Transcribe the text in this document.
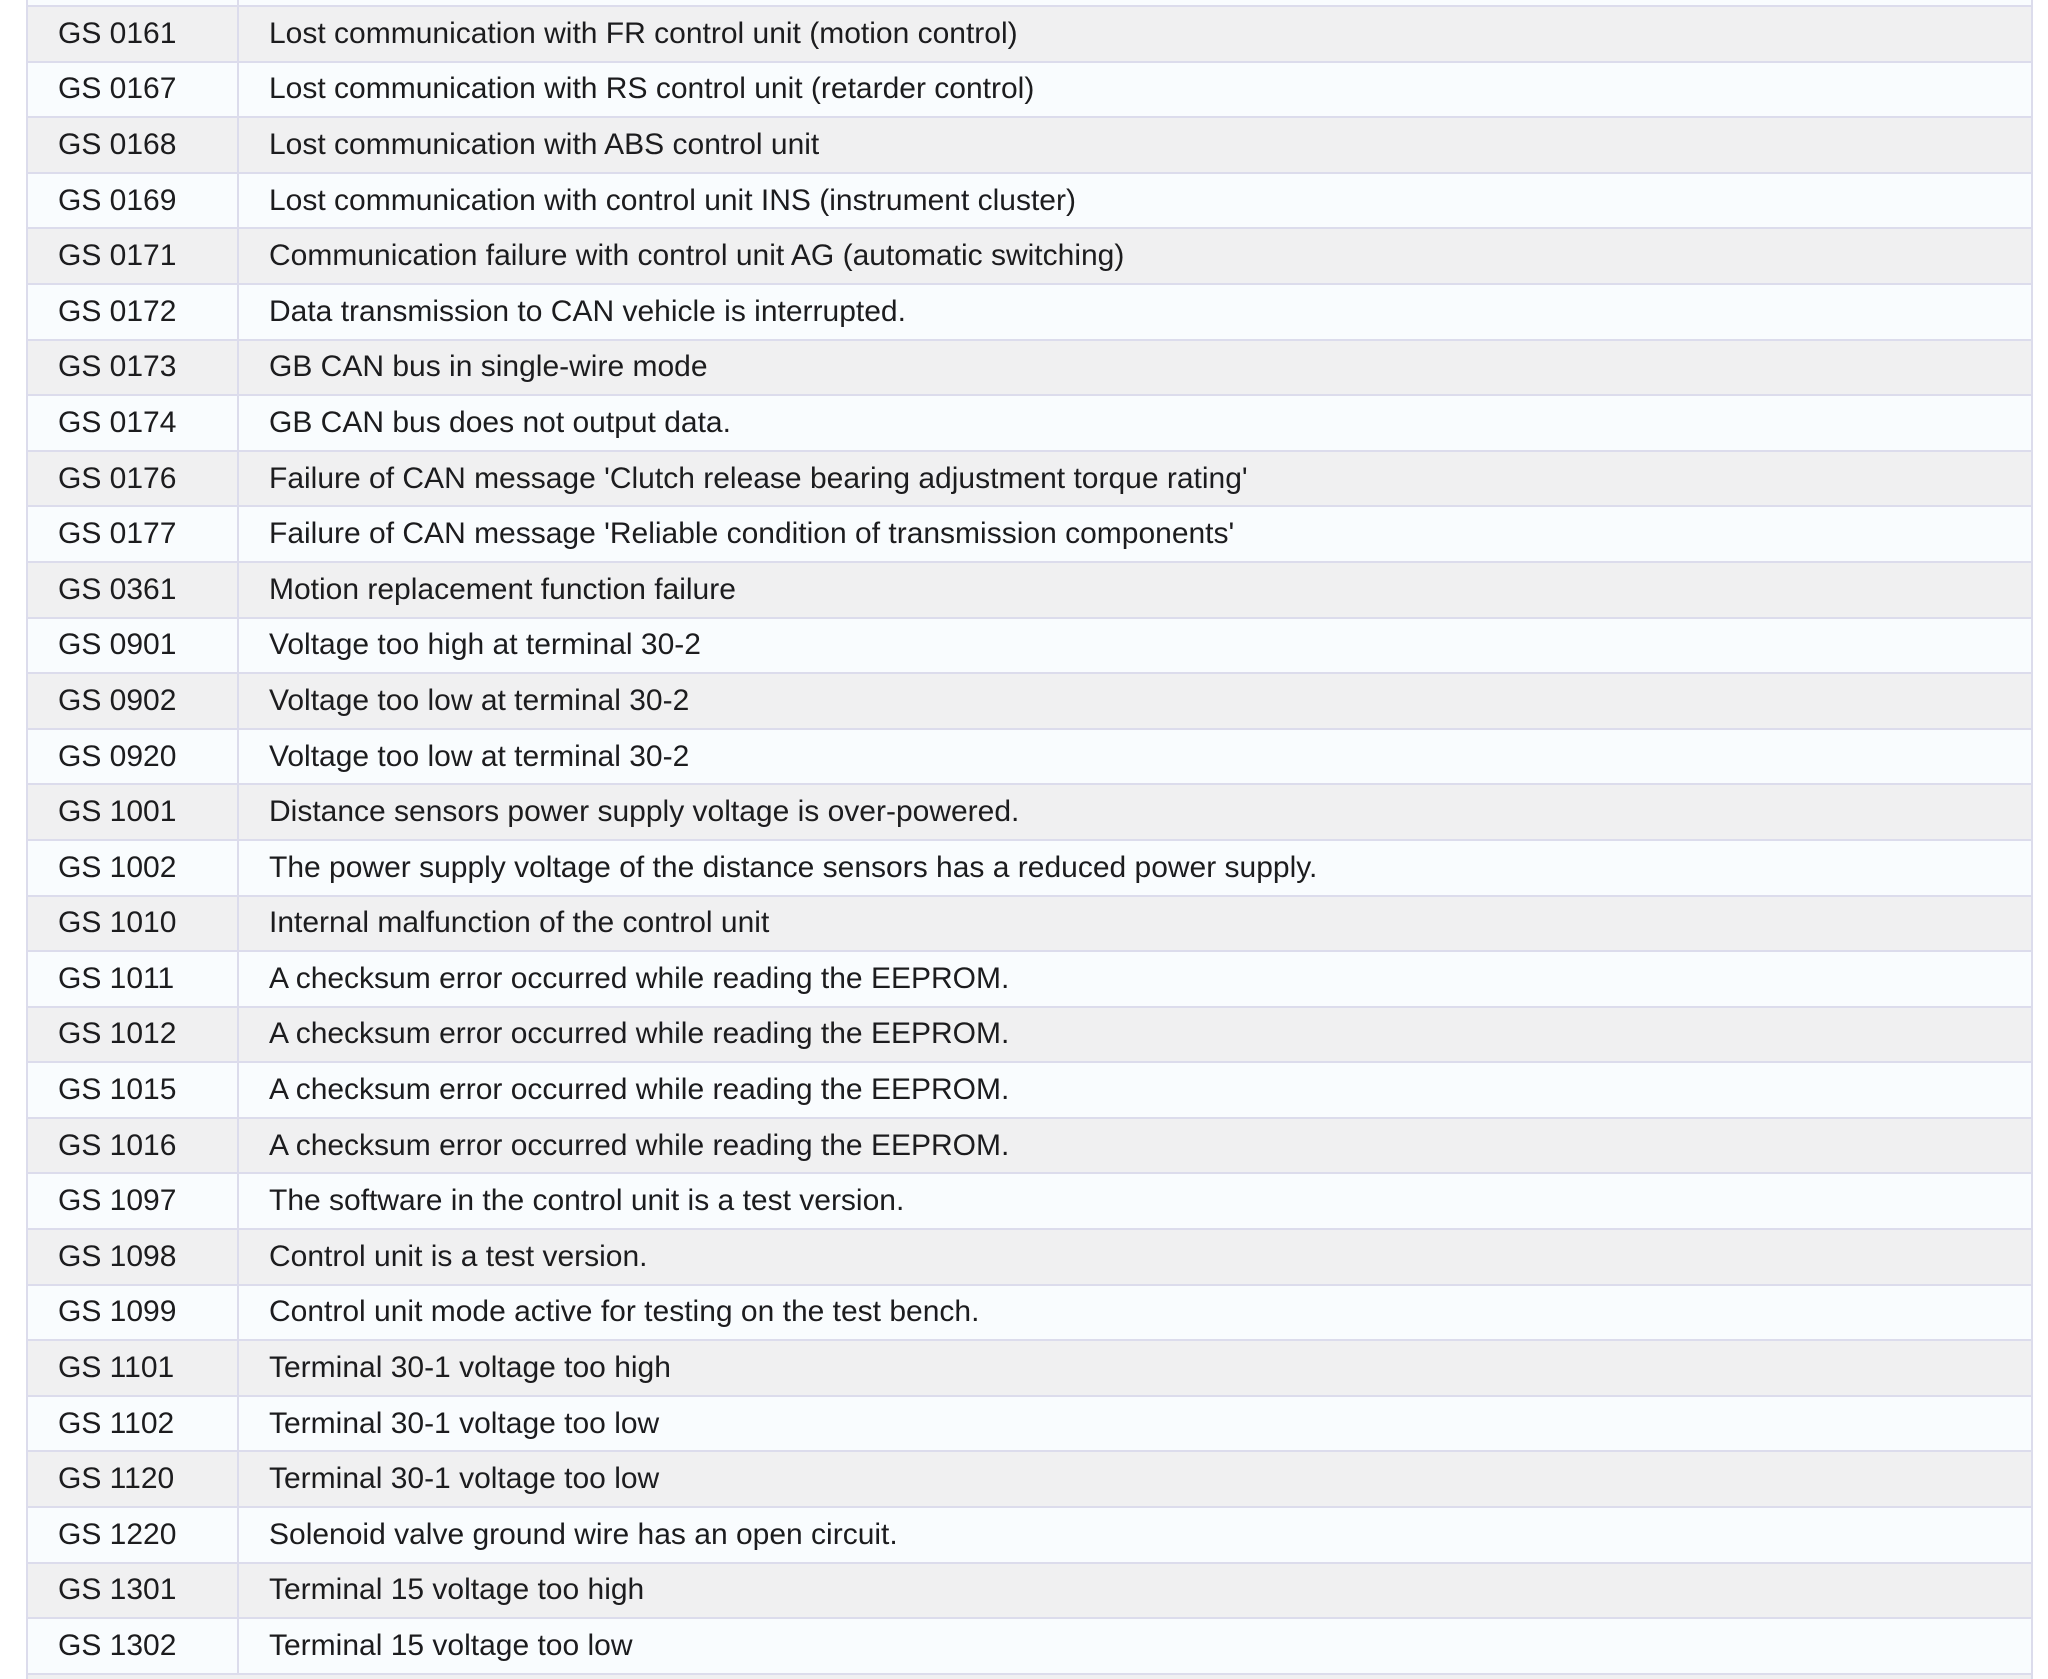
GS 0161	Lost communication with FR control unit (motion control)
GS 0167	Lost communication with RS control unit (retarder control)
GS 0168	Lost communication with ABS control unit
GS 0169	Lost communication with control unit INS (instrument cluster)
GS 0171	Communication failure with control unit AG (automatic switching)
GS 0172	Data transmission to CAN vehicle is interrupted.
GS 0173	GB CAN bus in single-wire mode
GS 0174	GB CAN bus does not output data.
GS 0176	Failure of CAN message 'Clutch release bearing adjustment torque rating'
GS 0177	Failure of CAN message 'Reliable condition of transmission components'
GS 0361	Motion replacement function failure
GS 0901	Voltage too high at terminal 30-2
GS 0902	Voltage too low at terminal 30-2
GS 0920	Voltage too low at terminal 30-2
GS 1001	Distance sensors power supply voltage is over-powered.
GS 1002	The power supply voltage of the distance sensors has a reduced power supply.
GS 1010	Internal malfunction of the control unit
GS 1011	A checksum error occurred while reading the EEPROM.
GS 1012	A checksum error occurred while reading the EEPROM.
GS 1015	A checksum error occurred while reading the EEPROM.
GS 1016	A checksum error occurred while reading the EEPROM.
GS 1097	The software in the control unit is a test version.
GS 1098	Control unit is a test version.
GS 1099	Control unit mode active for testing on the test bench.
GS 1101	Terminal 30-1 voltage too high
GS 1102	Terminal 30-1 voltage too low
GS 1120	Terminal 30-1 voltage too low
GS 1220	Solenoid valve ground wire has an open circuit.
GS 1301	Terminal 15 voltage too high
GS 1302	Terminal 15 voltage too low
